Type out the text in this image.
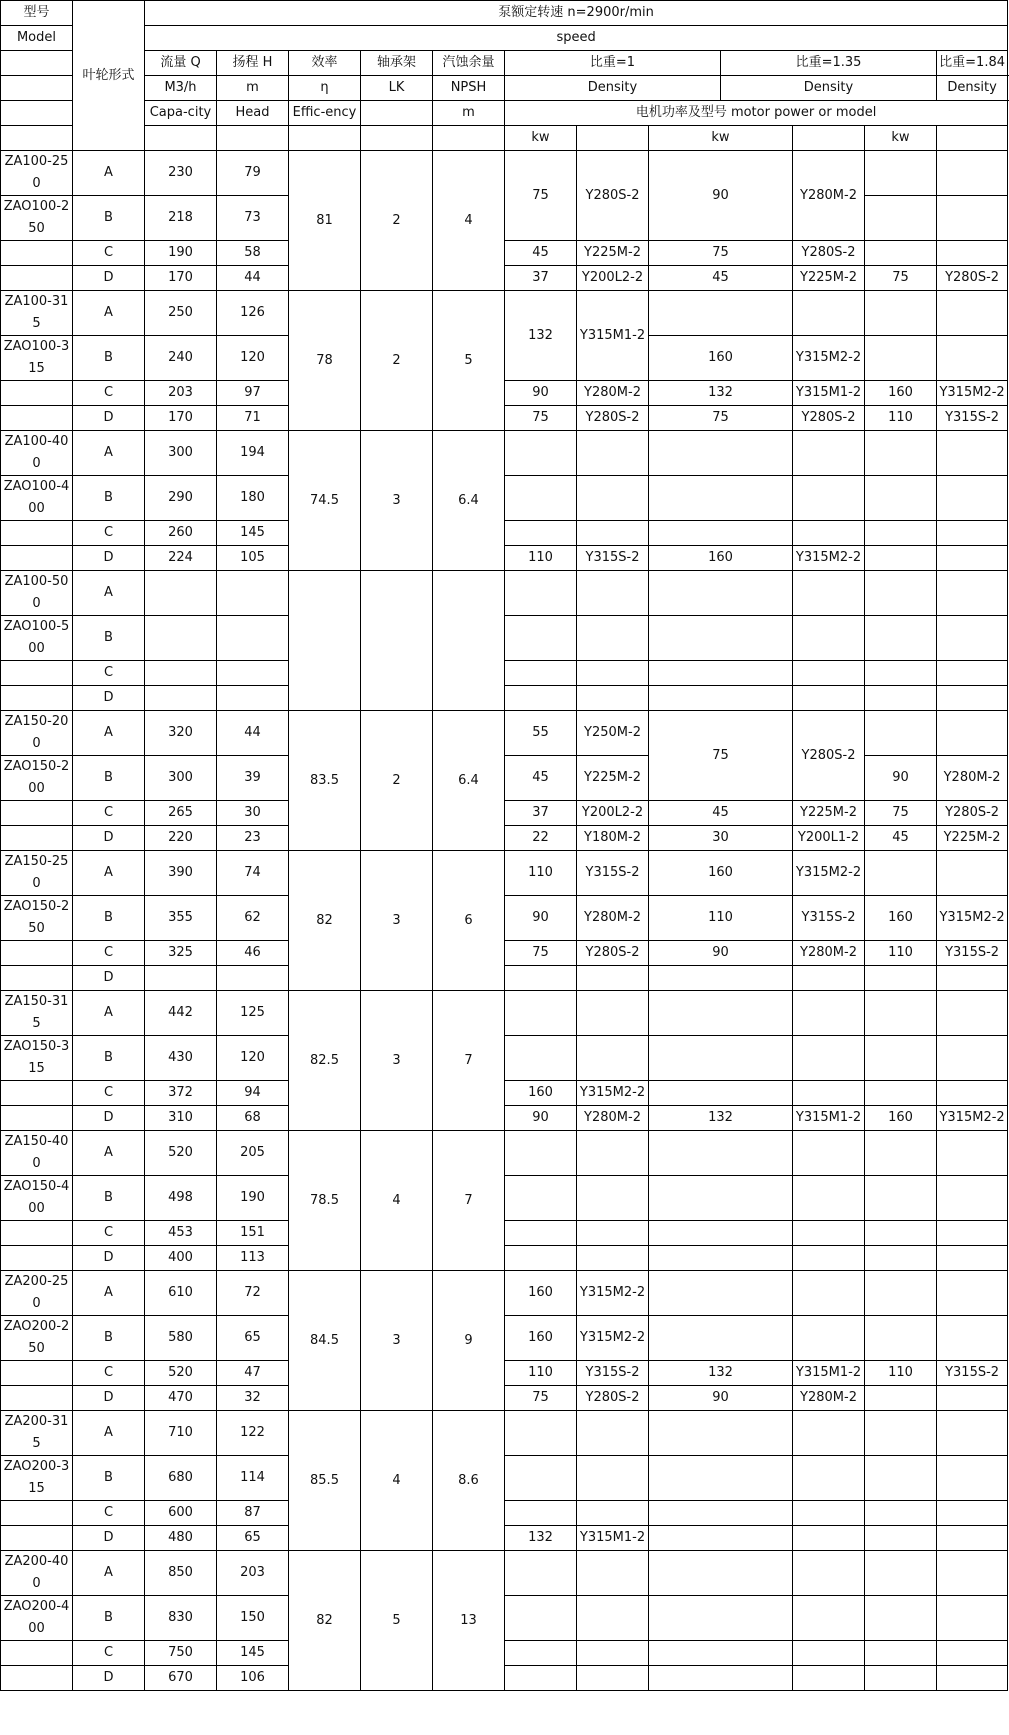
型号	叶轮形式	泵额定转速 n=2900r/min											
Model		speed											
		流量 Q	扬程 H	效率	轴承架	汽蚀余量	比重=1			比重=1.35			比重=1.84
		M3/h	m	η	LK	NPSH	Density			Density			Density
		Capa-city	Head	Effic-ency		m	电机功率及型号 motor power or model						
							kw		kw			kw	
ZA100-250	A	230	79	81	2	4	75	Y280S-2	90		Y280M-2		
ZAO100-250	B	218	73										
	C	190	58				45	Y225M-2	75		Y280S-2		
	D	170	44				37	Y200L2-2	45		Y225M-2	75	Y280S-2
ZA100-315	A	250	126	78	2	5	132	Y315M1-2					
ZAO100-315	B	240	120						160		Y315M2-2		
	C	203	97				90	Y280M-2	132		Y315M1-2	160	Y315M2-2
	D	170	71				75	Y280S-2	75		Y280S-2	110	Y315S-2
ZA100-400	A	300	194	74.5	3	6.4							
ZAO100-400	B	290	180										
	C	260	145										
	D	224	105				110	Y315S-2	160		Y315M2-2		
ZA100-500	A												
ZAO100-500	B												
	C												
	D												
ZA150-200	A	320	44	83.5	2	6.4	55	Y250M-2	75		Y280S-2		
ZAO150-200	B	300	39				45	Y225M-2				90	Y280M-2
	C	265	30				37	Y200L2-2	45		Y225M-2	75	Y280S-2
	D	220	23				22	Y180M-2	30		Y200L1-2	45	Y225M-2
ZA150-250	A	390	74	82	3	6	110	Y315S-2	160		Y315M2-2		
ZAO150-250	B	355	62				90	Y280M-2	110		Y315S-2	160	Y315M2-2
	C	325	46				75	Y280S-2	90		Y280M-2	110	Y315S-2
	D												
ZA150-315	A	442	125	82.5	3	7							
ZAO150-315	B	430	120										
	C	372	94				160	Y315M2-2					
	D	310	68				90	Y280M-2	132		Y315M1-2	160	Y315M2-2
ZA150-400	A	520	205	78.5	4	7							
ZAO150-400	B	498	190										
	C	453	151										
	D	400	113										
ZA200-250	A	610	72	84.5	3	9	160	Y315M2-2					
ZAO200-250	B	580	65				160	Y315M2-2					
	C	520	47				110	Y315S-2	132		Y315M1-2	110	Y315S-2
	D	470	32				75	Y280S-2	90		Y280M-2		
ZA200-315	A	710	122	85.5	4	8.6							
ZAO200-315	B	680	114										
	C	600	87										
	D	480	65				132	Y315M1-2					
ZA200-400	A	850	203	82	5	13							
ZAO200-400	B	830	150										
	C	750	145										
	D	670	106										
